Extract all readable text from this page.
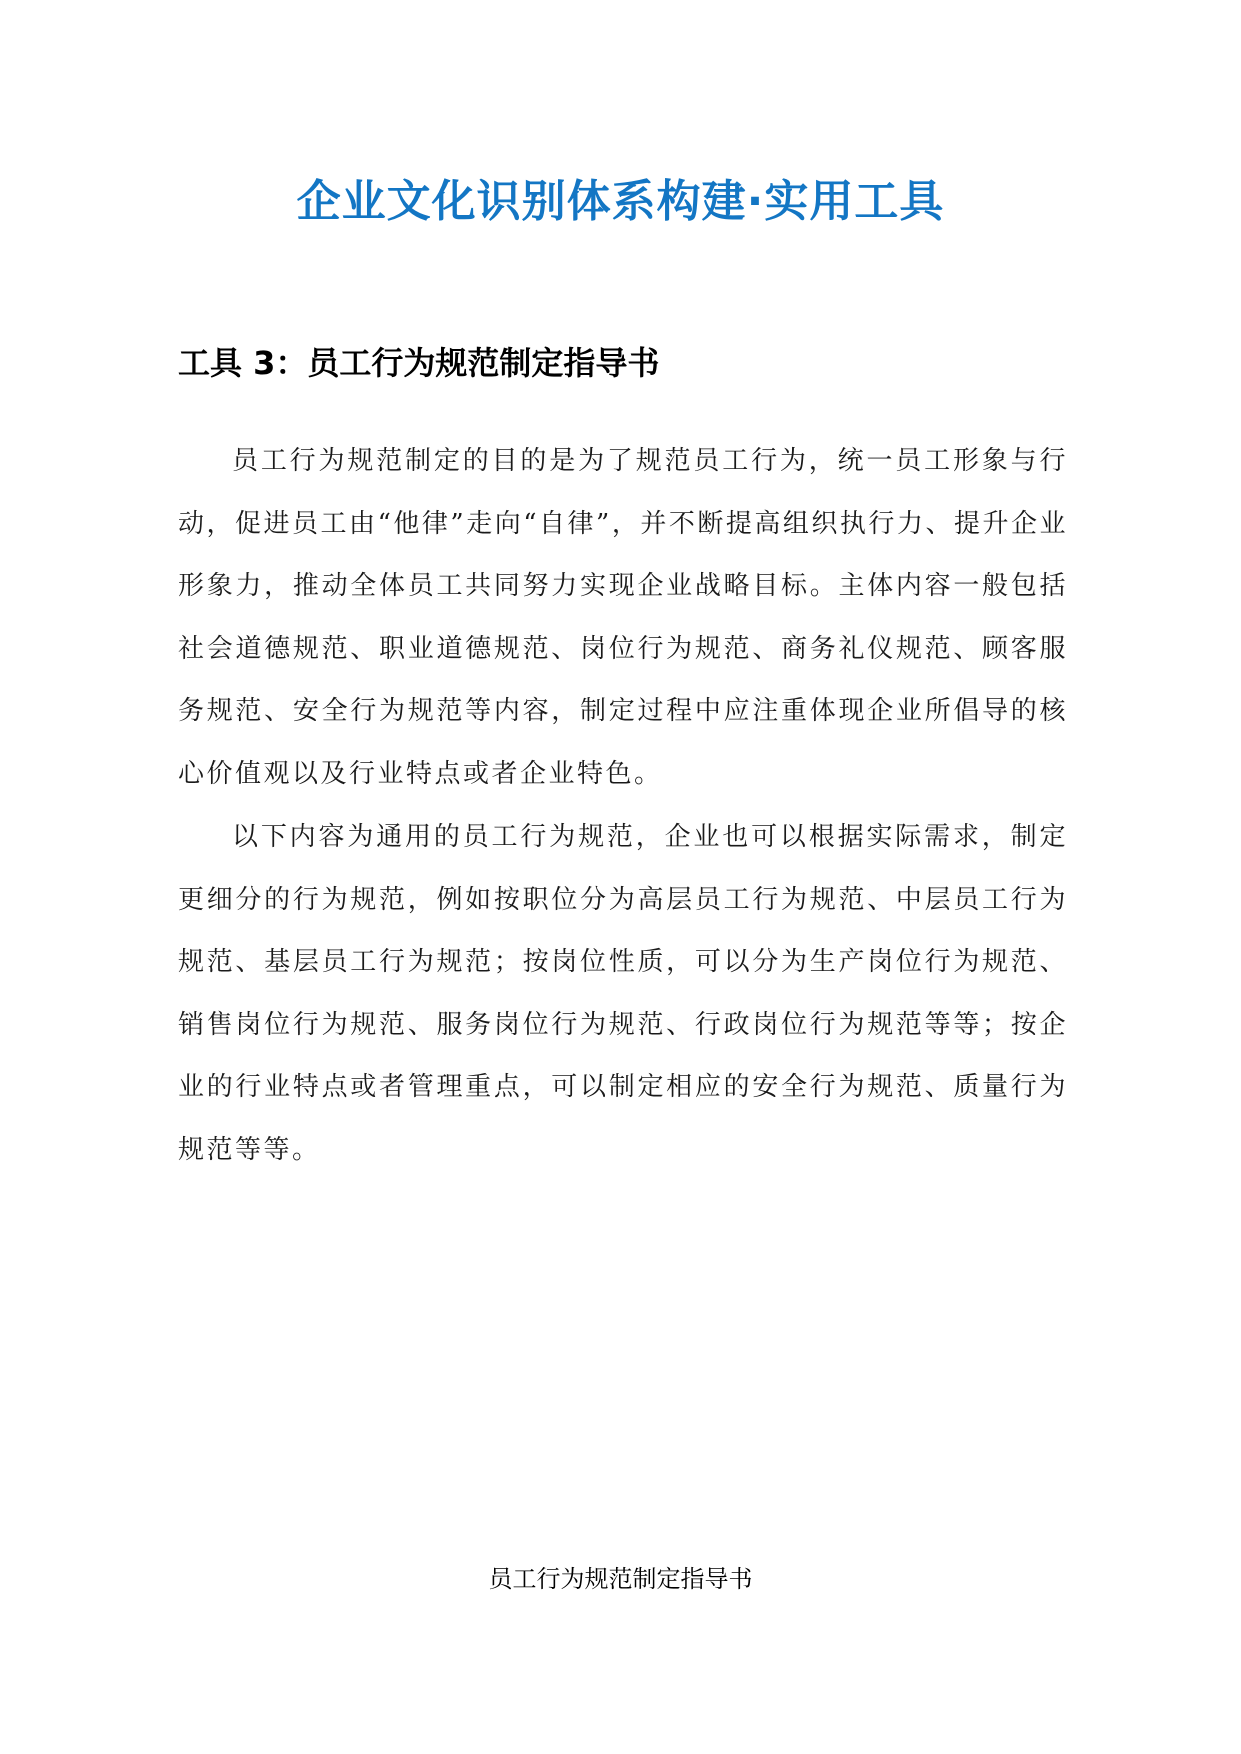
企业文化识别体系构建·实用工具
工具 3：员工行为规范制定指导书

员工行为规范制定的目的是为了规范员工行为，统一员工形象与行动，促进员工由“他律”走向“自律”，并不断提高组织执行力、提升企业形象力，推动全体员工共同努力实现企业战略目标。主体内容一般包括社会道德规范、职业道德规范、岗位行为规范、商务礼仪规范、顾客服务规范、安全行为规范等内容，制定过程中应注重体现企业所倡导的核心价值观以及行业特点或者企业特色。

以下内容为通用的员工行为规范，企业也可以根据实际需求，制定更细分的行为规范，例如按职位分为高层员工行为规范、中层员工行为规范、基层员工行为规范；按岗位性质，可以分为生产岗位行为规范、销售岗位行为规范、服务岗位行为规范、行政岗位行为规范等等；按企业的行业特点或者管理重点，可以制定相应的安全行为规范、质量行为规范等等。

员工行为规范制定指导书
